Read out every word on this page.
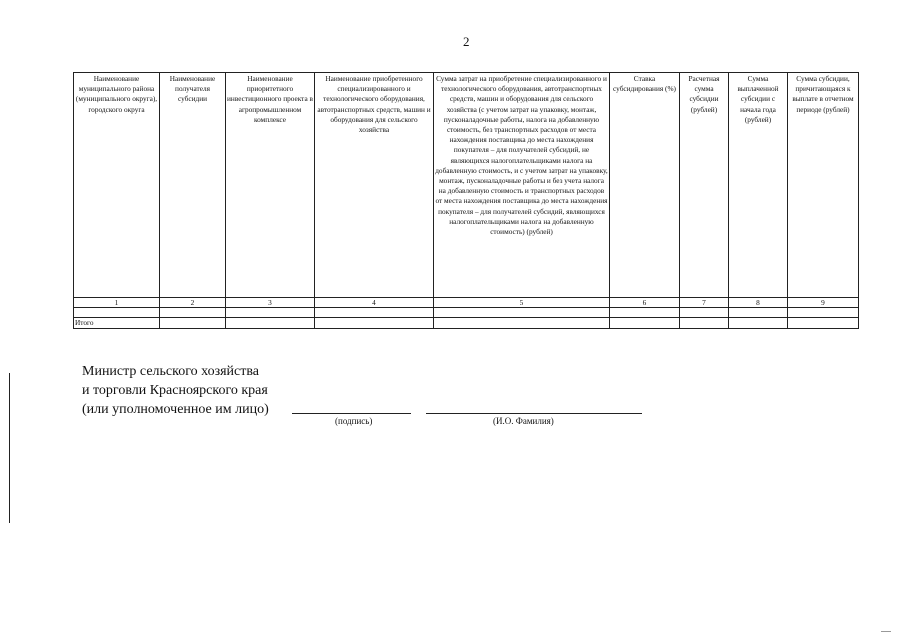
2
Наименование муниципального района (муниципального округа), городского округа	Наименование получателя субсидии	Наименование приоритетного инвестиционного проекта в агропромышленном комплексе	Наименование приобретенного специализированного и технологического оборудования, автотранспортных средств, машин и оборудования для сельского хозяйства	Сумма затрат на приобретение специализированного и технологического оборудования, автотранспортных средств, машин и оборудования для сельского хозяйства (с учетом затрат на упаковку, монтаж, пусконаладочные работы, налога на добавленную стоимость, без транспортных расходов от места нахождения поставщика до места нахождения покупателя – для получателей субсидий, не являющихся налогоплательщиками налога на добавленную стоимость, и с учетом затрат на упаковку, монтаж, пусконаладочные работы и без учета налога на добавленную стоимость и транспортных расходов от места нахождения поставщика до места нахождения покупателя – для получателей субсидий, являющихся налогоплательщиками налога на добавленную стоимость) (рублей)	Ставка субсидирования (%)	Расчетная сумма субсидии (рублей)	Сумма выплаченной субсидии с начала года (рублей)	Сумма субсидии, причитающаяся к выплате в отчетном периоде (рублей)
1	2	3	4	5	6	7	8	9

Итого								
Министр сельского хозяйства
и торговли Красноярского края
(или уполномоченное им лицо)
(подпись)	(И.О. Фамилия)
